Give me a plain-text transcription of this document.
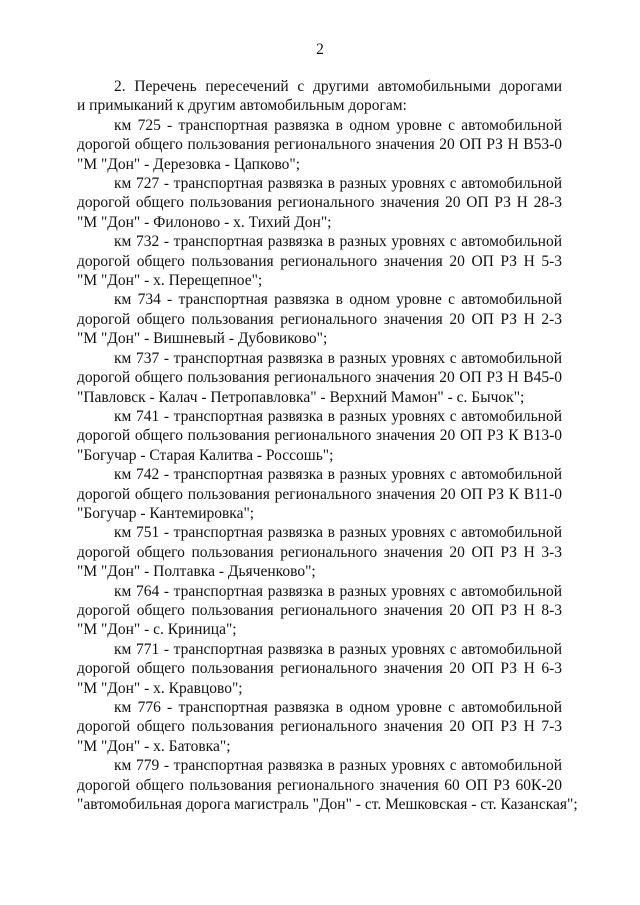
2

2. Перечень пересечений с другими автомобильными дорогами
и примыканий к другим автомобильным дорогам:

км 725 - транспортная развязка в одном уровне с автомобильной
дорогой общего пользования регионального значения 20 ОП РЗ Н В53-0
"М "Дон" - Дерезовка - Цапково";

км 727 - транспортная развязка в разных уровнях с автомобильной
дорогой общего пользования регионального значения 20 ОП РЗ Н 28-3
"М "Дон" - Филоново - х. Тихий Дон";

км 732 - транспортная развязка в разных уровнях с автомобильной
дорогой общего пользования регионального значения 20 ОП РЗ Н 5-3
"М "Дон" - х. Перещепное";

км 734 - транспортная развязка в одном уровне с автомобильной
дорогой общего пользования регионального значения 20 ОП РЗ Н 2-3
"М "Дон" - Вишневый - Дубовиково";

км 737 - транспортная развязка в разных уровнях с автомобильной
дорогой общего пользования регионального значения 20 ОП РЗ Н В45-0
"Павловск - Калач - Петропавловка" - Верхний Мамон" - с. Бычок";

км 741 - транспортная развязка в разных уровнях с автомобильной
дорогой общего пользования регионального значения 20 ОП РЗ К В13-0
"Богучар - Старая Калитва - Россошь";

км 742 - транспортная развязка в разных уровнях с автомобильной
дорогой общего пользования регионального значения 20 ОП РЗ К В11-0
"Богучар - Кантемировка";

км 751 - транспортная развязка в разных уровнях с автомобильной
дорогой общего пользования регионального значения 20 ОП РЗ Н 3-3
"М "Дон" - Полтавка - Дьяченково";

км 764 - транспортная развязка в разных уровнях с автомобильной
дорогой общего пользования регионального значения 20 ОП РЗ Н 8-3
"М "Дон" - с. Криница";

км 771 - транспортная развязка в разных уровнях с автомобильной
дорогой общего пользования регионального значения 20 ОП РЗ Н 6-3
"М "Дон" - х. Кравцово";

км 776 - транспортная развязка в одном уровне с автомобильной
дорогой общего пользования регионального значения 20 ОП РЗ Н 7-3
"М "Дон" - х. Батовка";

км 779 - транспортная развязка в разных уровнях с автомобильной
дорогой общего пользования регионального значения 60 ОП РЗ 60К-20
"автомобильная дорога магистраль "Дон" - ст. Мешковская - ст. Казанская";
